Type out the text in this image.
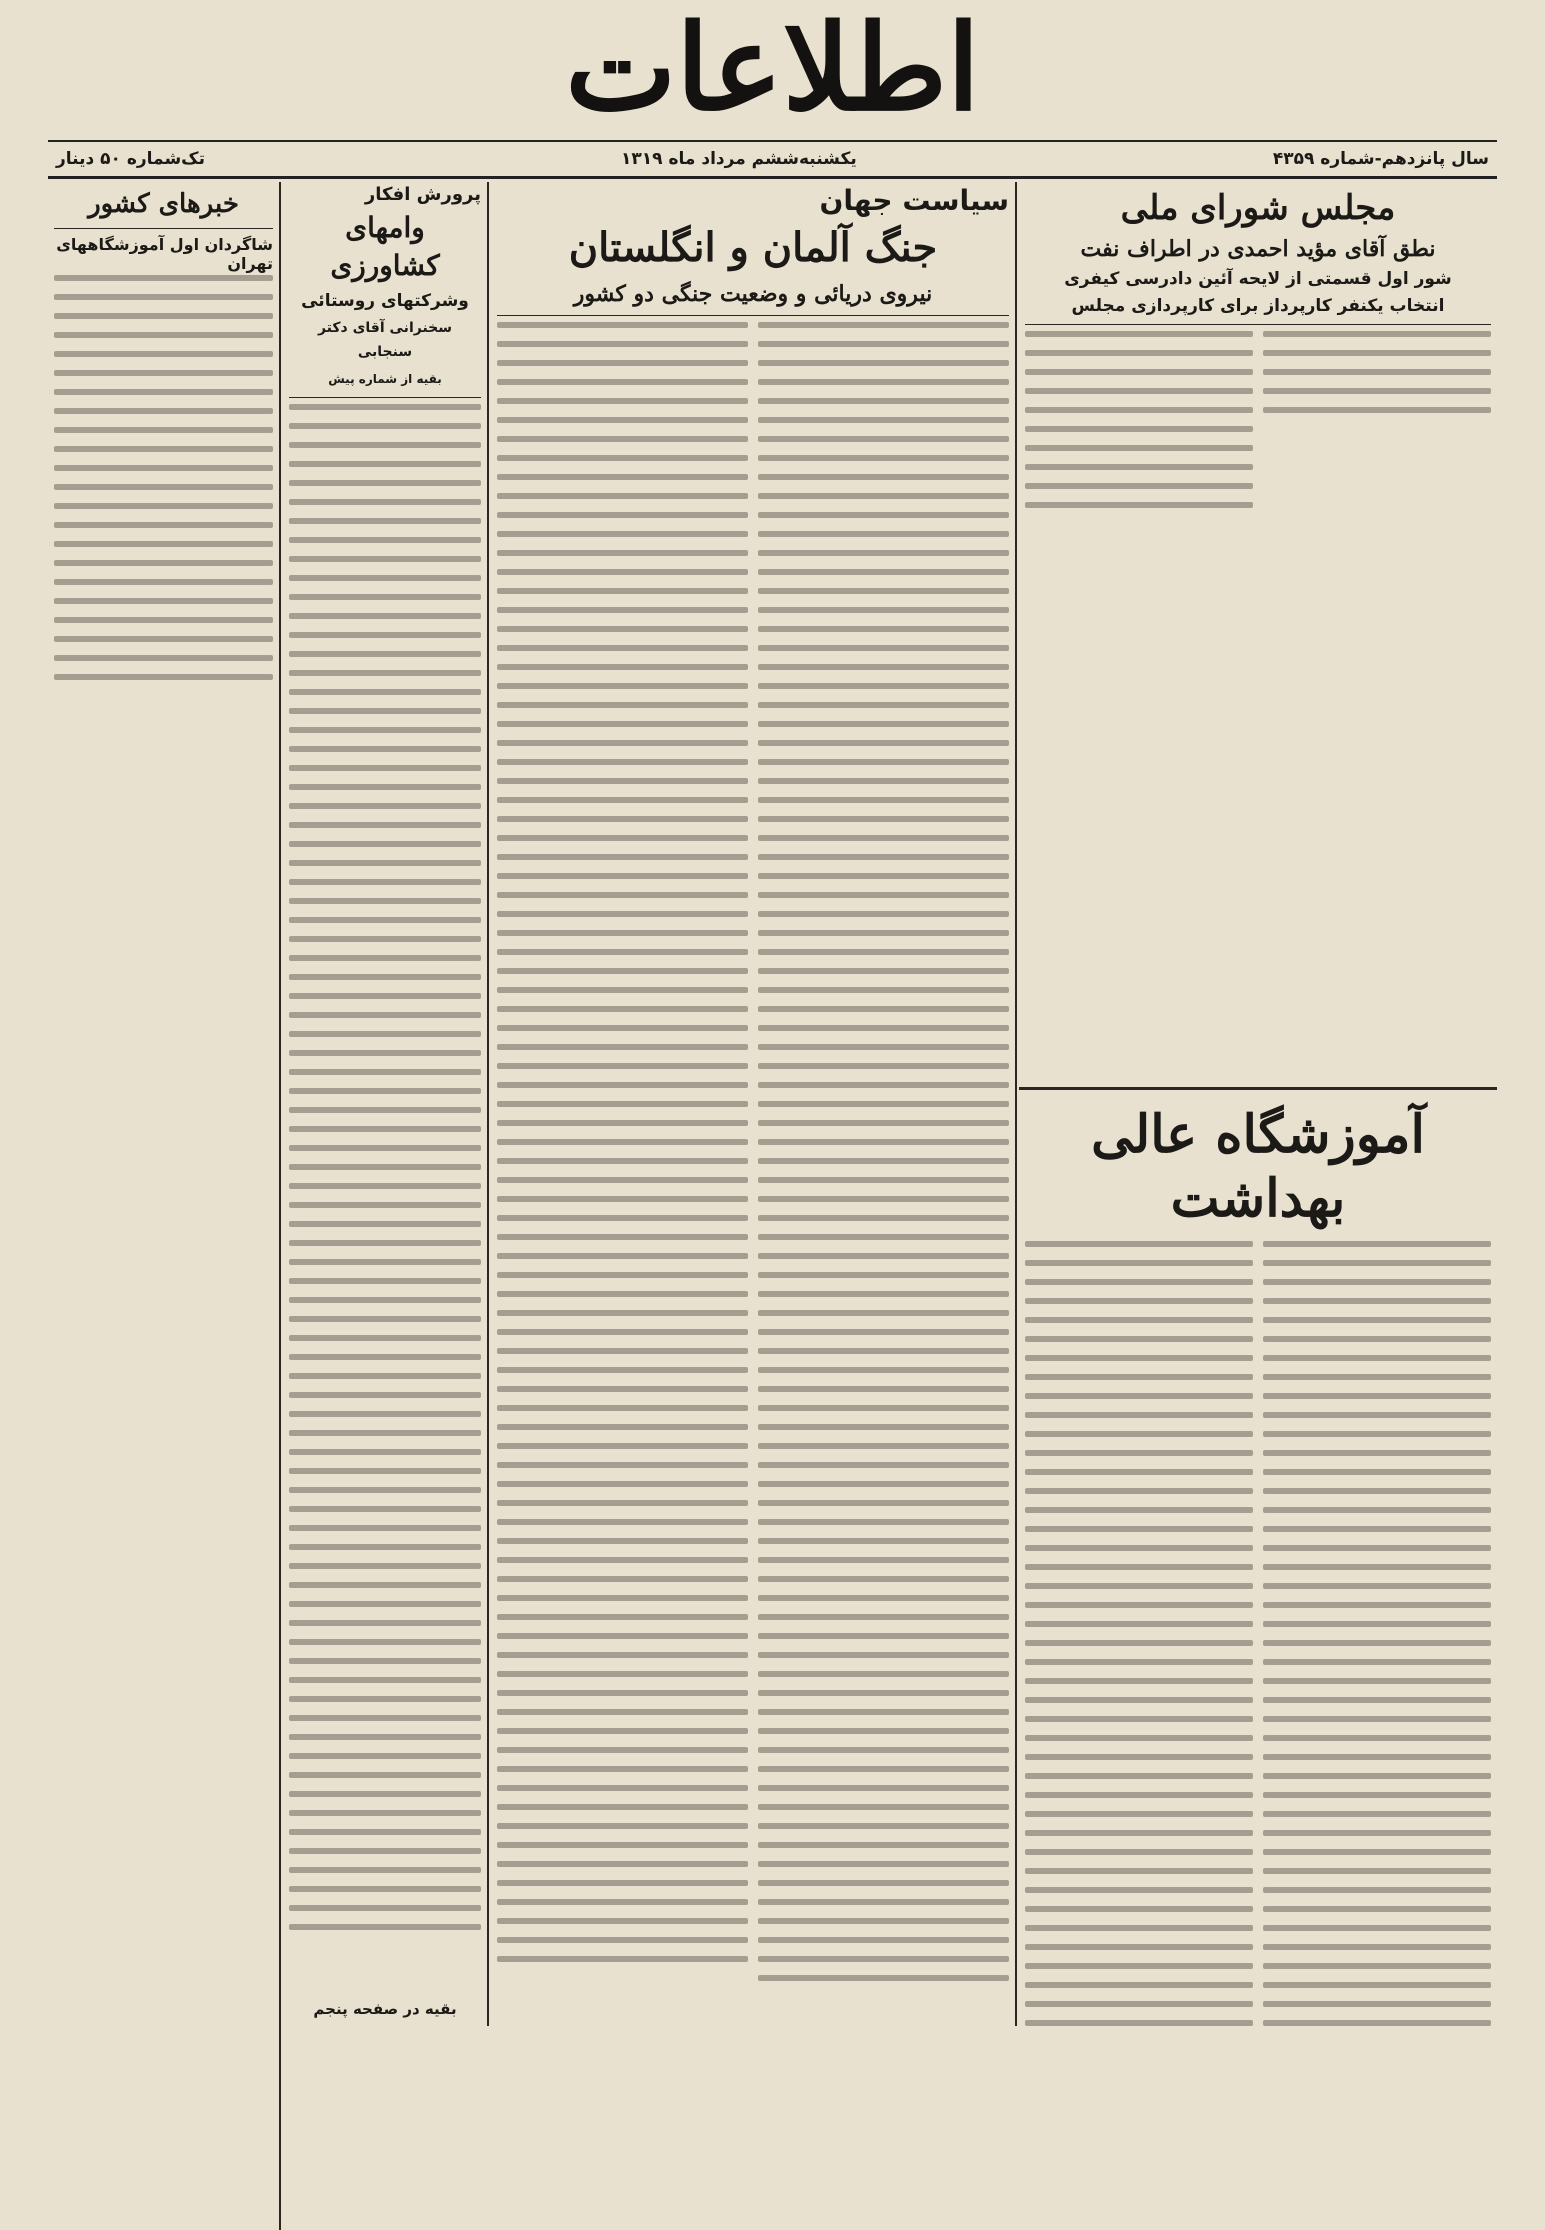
اطلاعات
سال پانزدهم-شماره ۴۳۵۹
یکشنبه‌ششم مرداد ماه ۱۳۱۹
تک‌شماره ۵۰ دینار
مجلس شورای ملی
نطق آقای مؤید احمدی در اطراف نفت
شور اول قسمتی از لایحه آئین دادرسی کیفری
انتخاب یکنفر کارپرداز برای کارپردازی مجلس
آموزشگاه عالی بهداشت
سیاست جهان
جنگ آلمان و انگلستان
نیروی دریائی و وضعیت جنگی دو کشور
پرورش افکار
وامهای کشاورزی
وشرکتهای روستائی
سخنرانی آقای دکتر سنجابی
بقیه از شماره پیش
بقیه در صفحه پنجم
خبرهای کشور
شاگردان اول آموزشگاههای تهران
